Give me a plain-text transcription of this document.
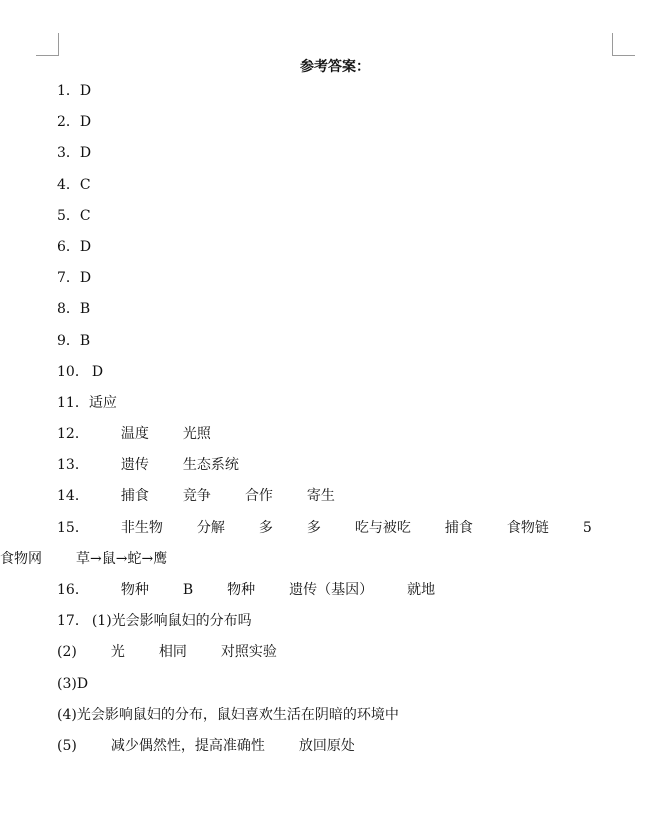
参考答案：
1．D
2．D
3．D
4．C
5．C
6．D
7．D
8．B
9．B
10． D
11．适应
12． 温度 光照
13． 遗传 生态系统
14． 捕食 竞争 合作 寄生
15． 非生物 分解 多 多 吃与被吃 捕食 食物链 5
食物网 草→鼠→蛇→鹰
16． 物种 B 物种 遗传（基因） 就地
17． (1)光会影响鼠妇的分布吗
(2) 光 相同 对照实验
(3)D
(4)光会影响鼠妇的分布，鼠妇喜欢生活在阴暗的环境中
(5) 减少偶然性，提高准确性 放回原处
